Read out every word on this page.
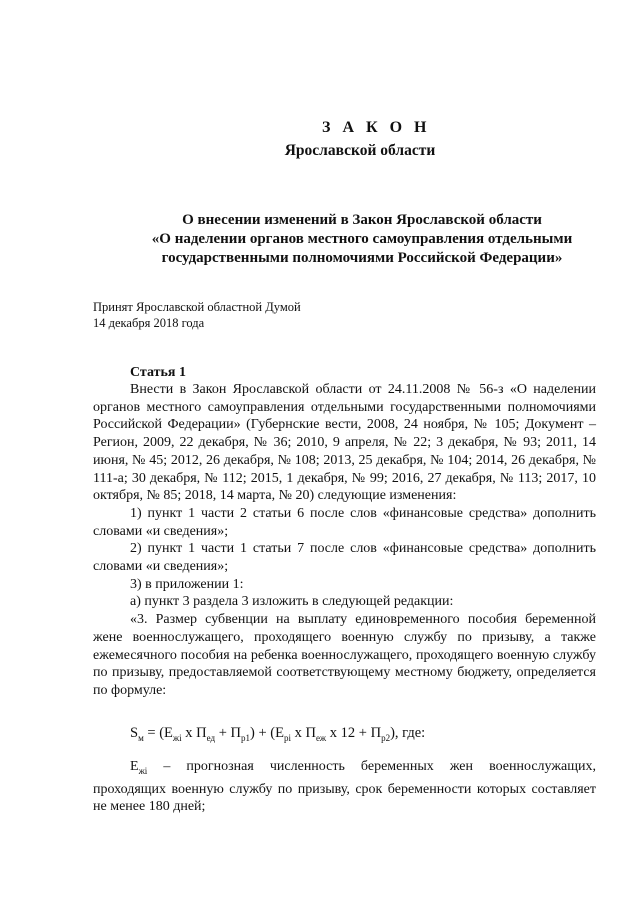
З А К О Н
Ярославской области
О внесении изменений в Закон Ярославской области
«О наделении органов местного самоуправления отдельными
государственными полномочиями Российской Федерации»
Принят Ярославской областной Думой
14 декабря 2018 года
Статья 1

Внести в Закон Ярославской области от 24.11.2008 № 56-з «О наделении органов местного самоуправления отдельными государственными полномочиями Российской Федерации» (Губернские вести, 2008, 24 ноября, № 105; Документ – Регион, 2009, 22 декабря, № 36; 2010, 9 апреля, № 22; 3 декабря, № 93; 2011, 14 июня, № 45; 2012, 26 декабря, № 108; 2013, 25 декабря, № 104; 2014, 26 декабря, № 111-а; 30 декабря, № 112; 2015, 1 декабря, № 99; 2016, 27 декабря, № 113; 2017, 10 октября, № 85; 2018, 14 марта, № 20) следующие изменения:

1) пункт 1 части 2 статьи 6 после слов «финансовые средства» дополнить словами «и сведения»;

2) пункт 1 части 1 статьи 7 после слов «финансовые средства» дополнить словами «и сведения»;

3) в приложении 1:

а) пункт 3 раздела 3 изложить в следующей редакции:

«3. Размер субвенции на выплату единовременного пособия беременной жене военнослужащего, проходящего военную службу по призыву, а также ежемесячного пособия на ребенка военнослужащего, проходящего военную службу по призыву, предоставляемой соответствующему местному бюджету, определяется по формуле:

$S_м = (E_{жi}$ x $П_{ед} + П_{р1}) + (E_{рi}$ x $П_{еж}$ x $12 + П_{р2}$), где:

$E_{жi}$ – прогнозная численность беременных жен военнослужащих, проходящих военную службу по призыву, срок беременности которых составляет не менее 180 дней;
